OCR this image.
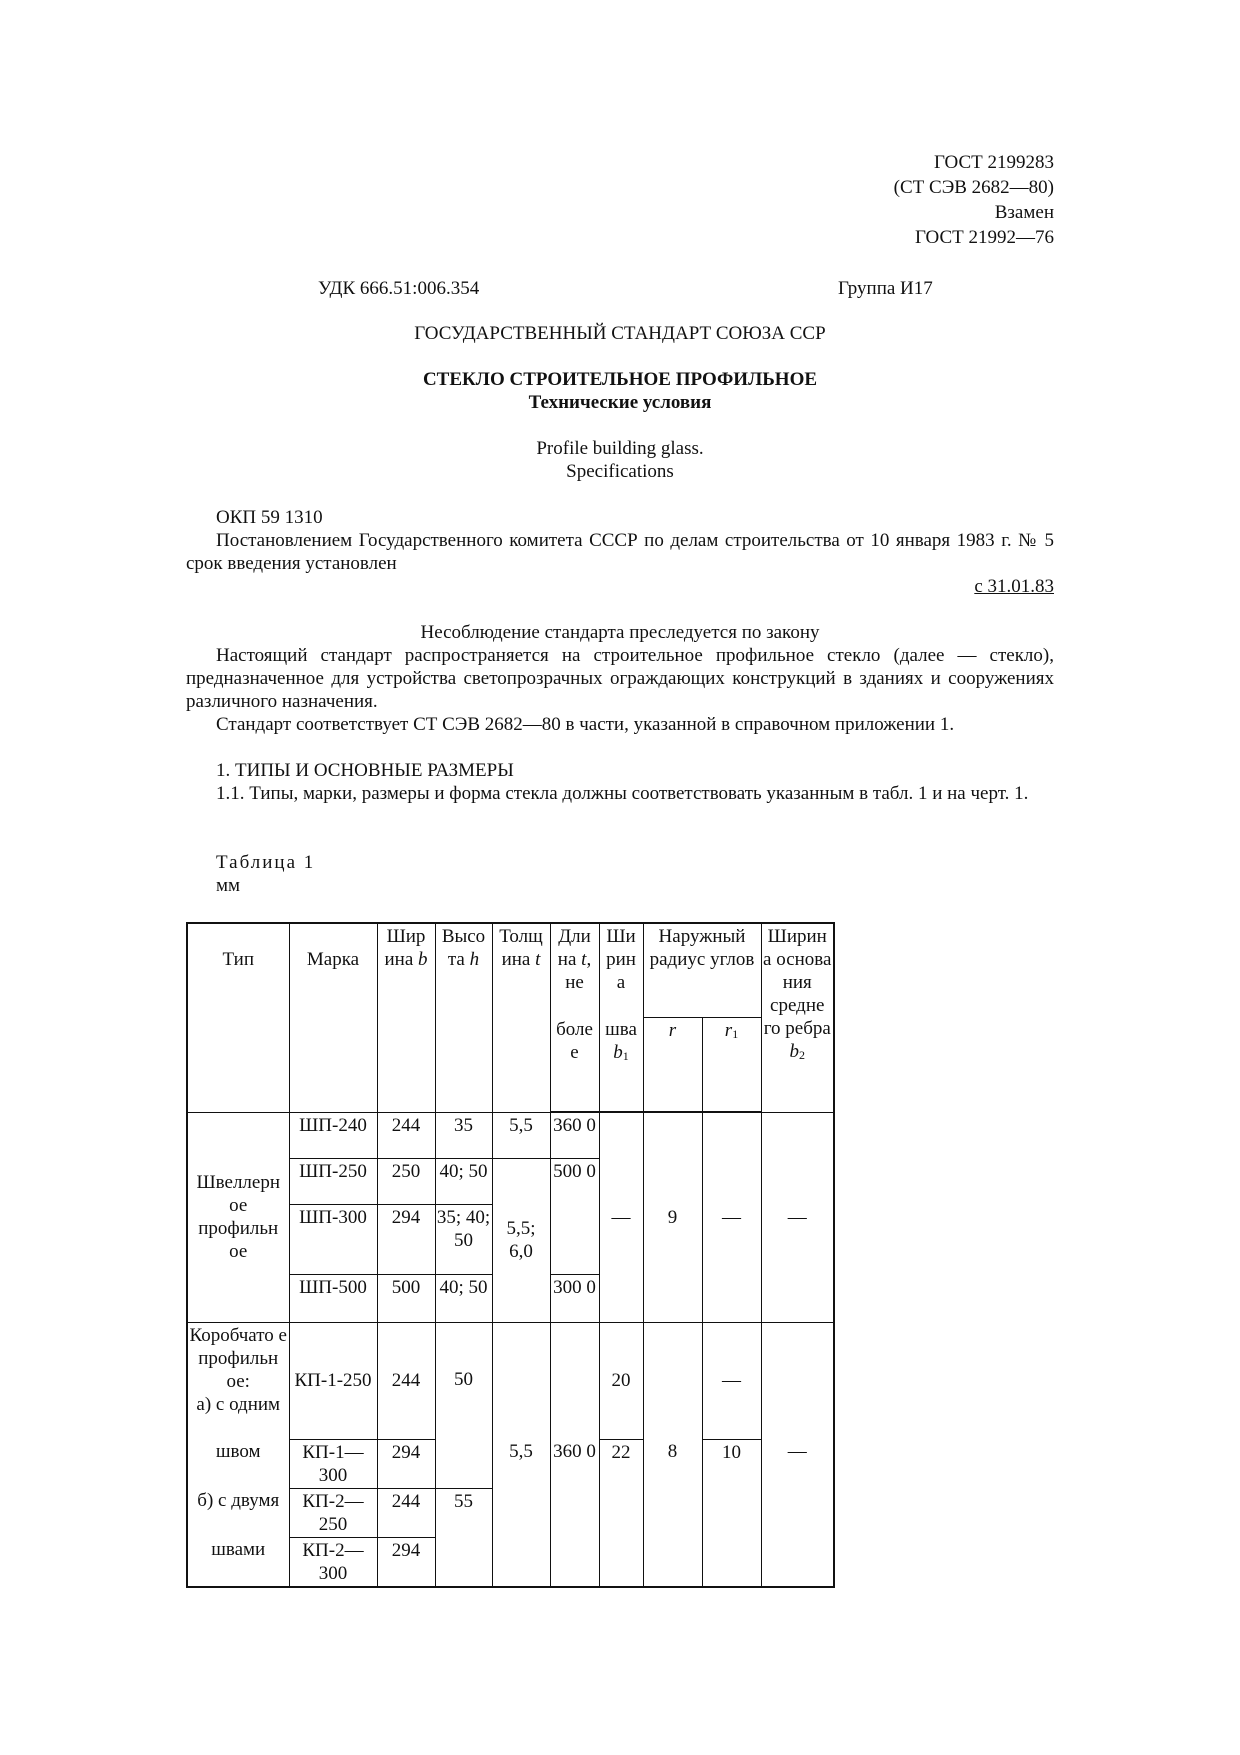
ГОСТ 2199283
(СТ СЭВ 2682—80)
Взамен
ГОСТ 21992—76
УДК 666.51:006.354	Группа И17
ГОСУДАРСТВЕННЫЙ СТАНДАРТ СОЮЗА ССР
СТЕКЛО СТРОИТЕЛЬНОЕ ПРОФИЛЬНОЕ
Технические условия
Profile building glass.
Specifications
ОКП 59 1310
Постановлением Государственного комитета СССР по делам строительства от 10 января 1983 г. № 5 срок введения установлен
с 31.01.83
Несоблюдение стандарта преследуется по закону
Настоящий стандарт распространяется на строительное профильное стекло (далее — стекло), предназначенное для устройства светопрозрачных ограждающих конструкций в зданиях и сооружениях различного назначения.
Стандарт соответствует СТ СЭВ 2682—80 в части, указанной в справочном приложении 1.
1. ТИПЫ И ОСНОВНЫЕ РАЗМЕРЫ
1.1. Типы, марки, размеры и форма стекла должны соответствовать указанным в табл. 1 и на черт. 1.
Таблица 1
мм

Тип	Марка	Шир ина b	Высо та h	Толщ ина t	Дли на t, не	Ши рин а	Наружный радиус углов		Ширин а основа ния средне го ребра $b_2$
					боле е	шва $b_1$	r	$r_1$
Швеллерн ое профильн ое	ШП-240	244	35	5,5	360 0	—	9	—	—
	ШП-250	250	40; 50	5,5; 6,0	500 0				
	ШП-300	294	35; 40; 50						
	ШП-500	500	40; 50		300 0				
Коробчато е профильн ое:
а) с одним	КП-1-250	244	50	5,5	360 0	20	8	—	—
швом	КП-1—300	294				22		10	
б) с двумя	КП-2—250	244	55						
швами	КП-2—300	294							
